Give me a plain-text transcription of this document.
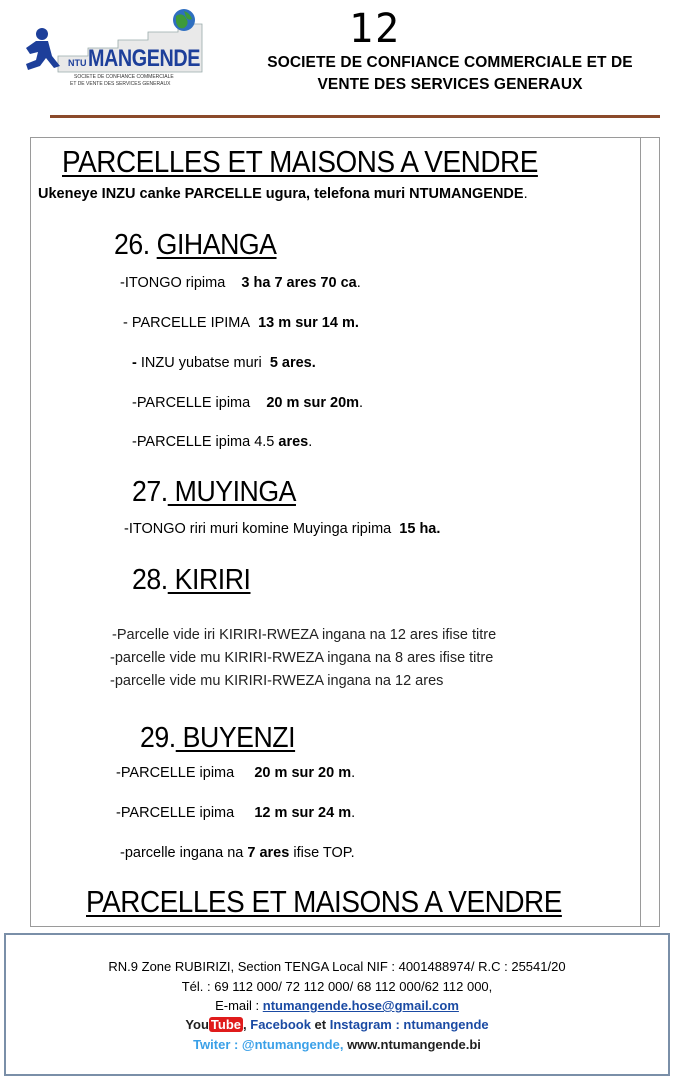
NTU MANGENDE
SOCIETE DE CONFIANCE COMMERCIALE
ET DE VENTE DES SERVICES GENERAUX
12
SOCIETE DE CONFIANCE COMMERCIALE ET DE
VENTE DES SERVICES GENERAUX
PARCELLES ET MAISONS A VENDRE
Ukeneye INZU canke PARCELLE ugura, telefona muri NTUMANGENDE.
26. GIHANGA
-ITONGO ripima 3 ha 7 ares 70 ca.
- PARCELLE IPIMA 13 m sur 14 m.
- INZU yubatse muri 5 ares.
-PARCELLE ipima 20 m sur 20m.
-PARCELLE ipima 4.5 ares.
27. MUYINGA
-ITONGO riri muri komine Muyinga ripima 15 ha.
28. KIRIRI
-Parcelle vide iri KIRIRI-RWEZA ingana na 12 ares ifise titre
-parcelle vide mu KIRIRI-RWEZA ingana na 8 ares ifise titre
-parcelle vide mu KIRIRI-RWEZA ingana na 12 ares
29. BUYENZI
-PARCELLE ipima 20 m sur 20 m.
-PARCELLE ipima 12 m sur 24 m.
-parcelle ingana na 7 ares ifise TOP.
PARCELLES ET MAISONS A VENDRE
RN.9 Zone RUBIRIZI, Section TENGA Local NIF : 4001488974/ R.C : 25541/20
Tél. : 69 112 000/ 72 112 000/ 68 112 000/62 112 000,
E-mail : ntumangende.hose@gmail.com
You Tube , Facebook et Instagram : ntumangende
Twiter : @ntumangende, www.ntumangende.bi
